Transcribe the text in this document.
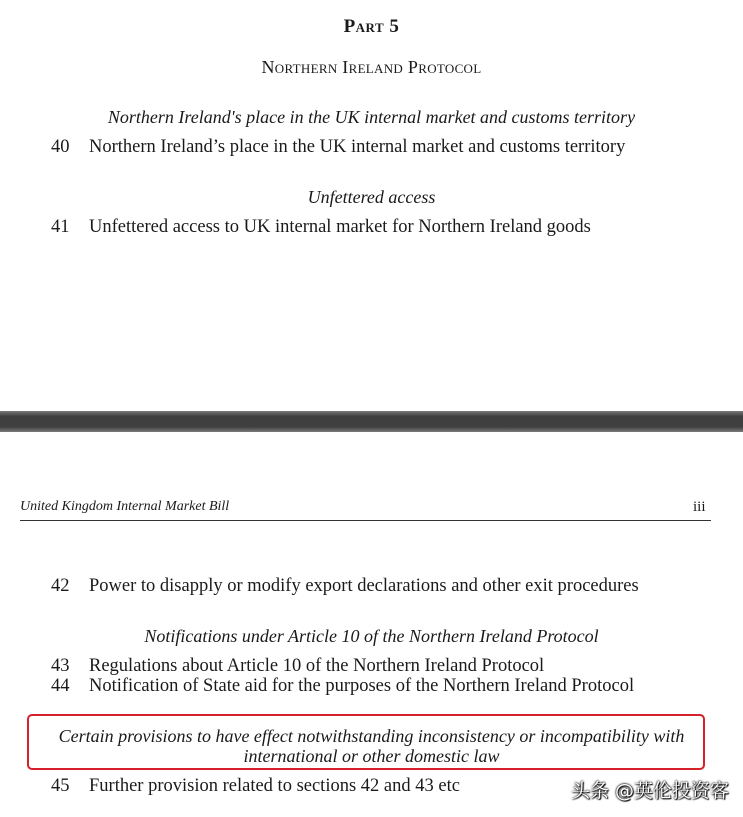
Part 5
Northern Ireland Protocol
Northern Ireland's place in the UK internal market and customs territory
40 Northern Ireland’s place in the UK internal market and customs territory
Unfettered access
41 Unfettered access to UK internal market for Northern Ireland goods
United Kingdom Internal Market Bill	iii
42 Power to disapply or modify export declarations and other exit procedures
Notifications under Article 10 of the Northern Ireland Protocol
43 Regulations about Article 10 of the Northern Ireland Protocol
44 Notification of State aid for the purposes of the Northern Ireland Protocol
Certain provisions to have effect notwithstanding inconsistency or incompatibility with
international or other domestic law
45 Further provision related to sections 42 and 43 etc	头条 @英伦投资客
